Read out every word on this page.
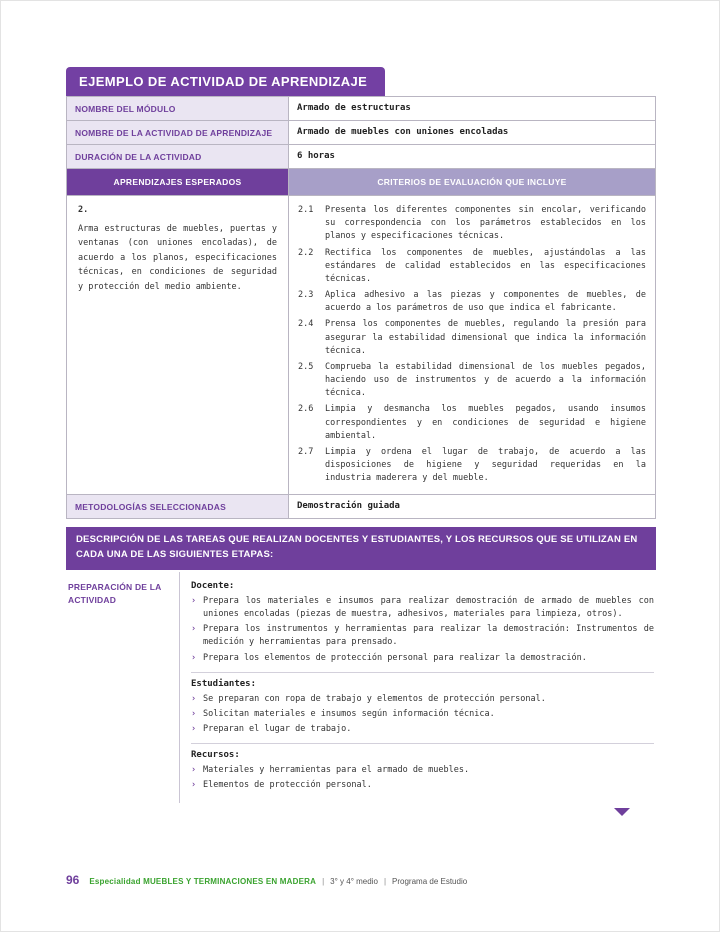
EJEMPLO DE ACTIVIDAD DE APRENDIZAJE
NOMBRE DEL MÓDULO	Armado de estructuras
NOMBRE DE LA ACTIVIDAD DE APRENDIZAJE	Armado de muebles con uniones encoladas
DURACIÓN DE LA ACTIVIDAD	6 horas
APRENDIZAJES ESPERADOS	CRITERIOS DE EVALUACIÓN QUE INCLUYE

2.
Arma estructuras de muebles, puertas y ventanas (con uniones encoladas), de acuerdo a los planos, especificaciones técnicas, en condiciones de seguridad y protección del medio ambiente.

2.1	Presenta los diferentes componentes sin encolar, verificando su correspondencia con los parámetros establecidos en los planos y especificaciones técnicas.
2.2	Rectifica los componentes de muebles, ajustándolas a las estándares de calidad establecidos en las especificaciones técnicas.
2.3	Aplica adhesivo a las piezas y componentes de muebles, de acuerdo a los parámetros de uso que indica el fabricante.
2.4	Prensa los componentes de muebles, regulando la presión para asegurar la estabilidad dimensional que indica la información técnica.
2.5	Comprueba la estabilidad dimensional de los muebles pegados, haciendo uso de instrumentos y de acuerdo a la información técnica.
2.6	Limpia y desmancha los muebles pegados, usando insumos correspondientes y en condiciones de seguridad e higiene ambiental.
2.7	Limpia y ordena el lugar de trabajo, de acuerdo a las disposiciones de higiene y seguridad requeridas en la industria maderera y del mueble.

METODOLOGÍAS SELECCIONADAS	Demostración guiada
DESCRIPCIÓN DE LAS TAREAS QUE REALIZAN DOCENTES Y ESTUDIANTES, Y LOS RECURSOS QUE SE UTILIZAN EN CADA UNA DE LAS SIGUIENTES ETAPAS:
PREPARACIÓN DE LA ACTIVIDAD
Docente:
›
Prepara los materiales e insumos para realizar demostración de armado de muebles con uniones encoladas (piezas de muestra, adhesivos, materiales para limpieza, otros).
›
Prepara los instrumentos y herramientas para realizar la demostración: Instrumentos de medición y herramientas para prensado.
›
Prepara los elementos de protección personal para realizar la demostración.
Estudiantes:
›
Se preparan con ropa de trabajo y elementos de protección personal.
›
Solicitan materiales e insumos según información técnica.
›
Preparan el lugar de trabajo.
Recursos:
›
Materiales y herramientas para el armado de muebles.
›
Elementos de protección personal.
96 Especialidad MUEBLES Y TERMINACIONES EN MADERA | 3° y 4° medio | Programa de Estudio
